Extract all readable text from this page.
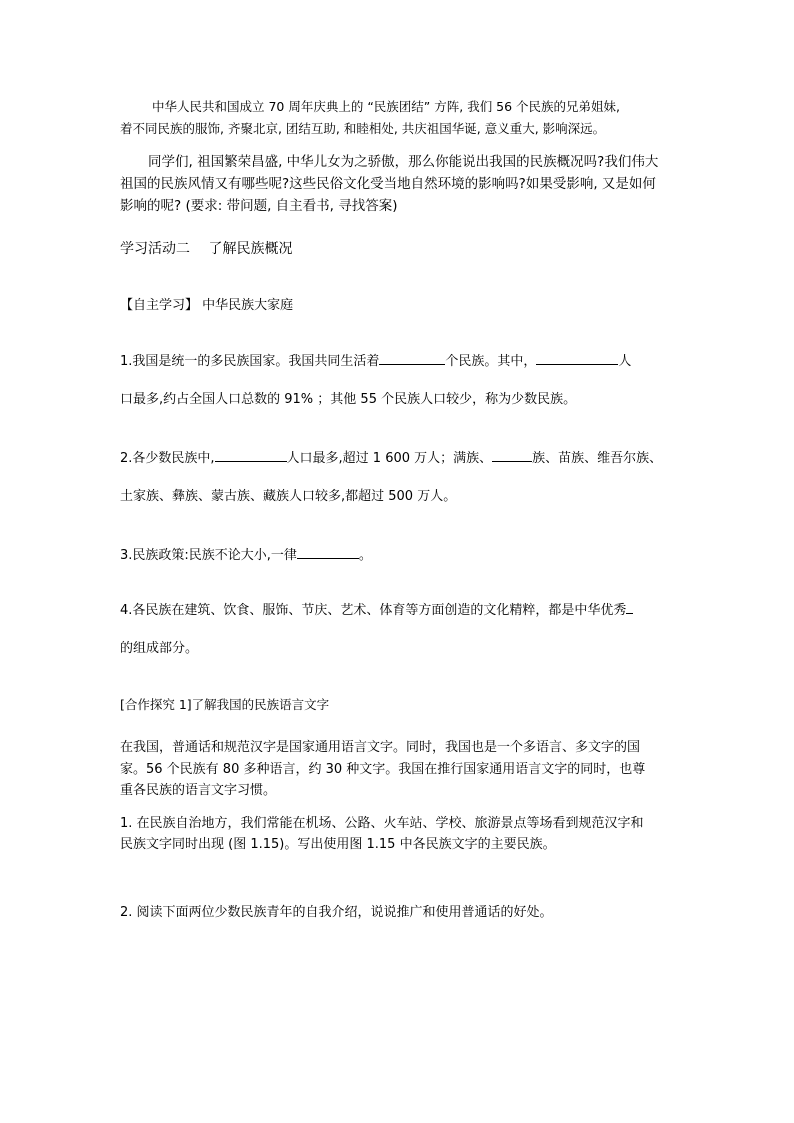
中华人民共和国成立 70 周年庆典上的 “民族团结” 方阵, 我们 56 个民族的兄弟姐妹,

着不同民族的服饰, 齐聚北京, 团结互助, 和睦相处, 共庆祖国华诞, 意义重大, 影响深远。

同学们, 祖国繁荣昌盛, 中华儿女为之骄傲，那么你能说出我国的民族概况吗?我们伟大

祖国的民族风情又有哪些呢?这些民俗文化受当地自然环境的影响吗?如果受影响, 又是如何

影响的呢? (要求: 带问题, 自主看书, 寻找答案)

学习活动二　 了解民族概况

【自主学习】 中华民族大家庭

1.我国是统一的多民族国家。我国共同生活着	个民族。其中，	人

口最多,约占全国人口总数的 91% ；其他 55 个民族人口较少，称为少数民族。

2.各少数民族中,	人口最多,超过 1 600 万人；满族、	族、苗族、维吾尔族、

土家族、彝族、蒙古族、藏族人口较多,都超过 500 万人。

3.民族政策:民族不论大小,一律	。

4.各民族在建筑、饮食、服饰、节庆、艺术、体育等方面创造的文化精粹，都是中华优秀

的组成部分。

[合作探究 1]了解我国的民族语言文字

在我国，普通话和规范汉字是国家通用语言文字。同时，我国也是一个多语言、多文字的国

家。56 个民族有 80 多种语言，约 30 种文字。我国在推行国家通用语言文字的同时，也尊

重各民族的语言文字习惯。

1. 在民族自治地方，我们常能在机场、公路、火车站、学校、旅游景点等场看到规范汉字和

民族文字同时出现 (图 1.15)。写出使用图 1.15 中各民族文字的主要民族。

2. 阅读下面两位少数民族青年的自我介绍，说说推广和使用普通话的好处。
